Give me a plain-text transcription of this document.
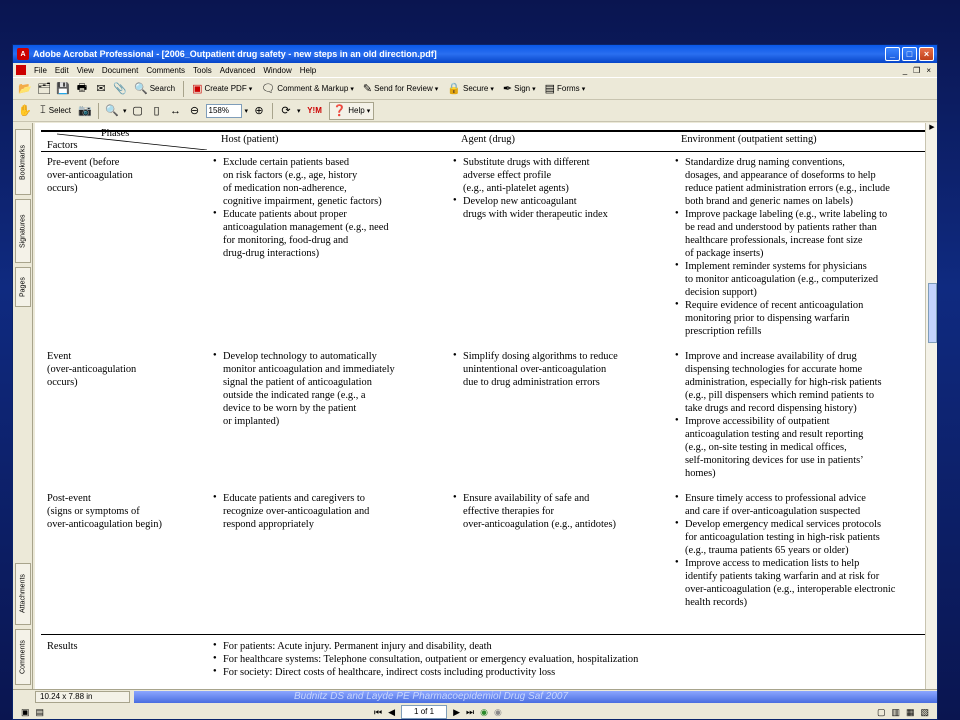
A Adobe Acrobat Professional - [2006_Outpatient drug safety - new steps in an old direction.pdf]	_	□	×
File	Edit	View	Document	Comments	Tools	Advanced	Window	Help	_ ❐ ×
📂 🗂 💾 🖶 ✉ 📎 🔍 Search ▣ Create PDF ▾ 🗨 Comment & Markup ▾ ✎ Send for Review ▾ 🔒 Secure ▾ ✒ Sign ▾ ▤ Forms ▾
✋ 𝙸 Select 📷 🔍 ▾ ▢ ▯ ↔ ⊖	158%	▾ ⊕	⟳ ▾ Y!M ❓ Help ▾
Bookmarks
Signatures
Pages
Attachments
Comments
Phases
Factors
Host (patient)	Agent (drug)	Environment (outpatient setting)
Pre-event (before
over-anticoagulation
occurs)
● Exclude certain patients based
on risk factors (e.g., age, history
of medication non-adherence,
cognitive impairment, genetic factors)
● Educate patients about proper
anticoagulation management (e.g., need
for monitoring, food-drug and
drug-drug interactions)
● Substitute drugs with different
adverse effect profile
(e.g., anti-platelet agents)
● Develop new anticoagulant
drugs with wider therapeutic index
● Standardize drug naming conventions,
dosages, and appearance of doseforms to help
reduce patient administration errors (e.g., include
both brand and generic names on labels)
● Improve package labeling (e.g., write labeling to
be read and understood by patients rather than
healthcare professionals, increase font size
of package inserts)
● Implement reminder systems for physicians
to monitor anticoagulation (e.g., computerized
decision support)
● Require evidence of recent anticoagulation
monitoring prior to dispensing warfarin
prescription refills
Event
(over-anticoagulation
occurs)
● Develop technology to automatically
monitor anticoagulation and immediately
signal the patient of anticoagulation
outside the indicated range (e.g., a
device to be worn by the patient
or implanted)
● Simplify dosing algorithms to reduce
unintentional over-anticoagulation
due to drug administration errors
● Improve and increase availability of drug
dispensing technologies for accurate home
administration, especially for high-risk patients
(e.g., pill dispensers which remind patients to
take drugs and record dispensing history)
● Improve accessibility of outpatient
anticoagulation testing and result reporting
(e.g., on-site testing in medical offices,
self-monitoring devices for use in patients’
homes)
Post-event
(signs or symptoms of
over-anticoagulation begin)
● Educate patients and caregivers to
recognize over-anticoagulation and
respond appropriately
● Ensure availability of safe and
effective therapies for
over-anticoagulation (e.g., antidotes)
● Ensure timely access to professional advice
and care if over-anticoagulation suspected
● Develop emergency medical services protocols
for anticoagulation testing in high-risk patients
(e.g., trauma patients 65 years or older)
● Improve access to medication lists to help
identify patients taking warfarin and at risk for
over-anticoagulation (e.g., interoperable electronic
health records)
Results
●	For patients: Acute injury. Permanent injury and disability, death
● For healthcare systems: Telephone consultation, outpatient or emergency evaluation, hospitalization
● For society: Direct costs of healthcare, indirect costs including productivity loss
▶
10.24 x 7.88 in	Budnitz DS and Layde PE Pharmacoepidemiol Drug Saf 2007
▣ ▤	⏮ ◀	1 of 1	▶ ⏭ ◉ ◉	▢ ▥ ▦ ▧
